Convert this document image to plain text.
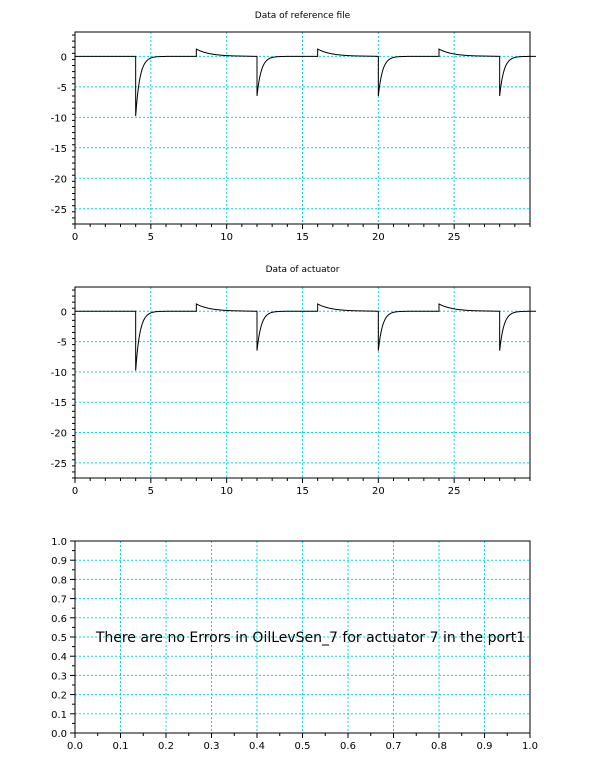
Data of reference file
0	5	10	15	20	25
0
-5
-10
-15
-20
-25
Data of actuator
0	5	10	15	20	25
0
-5
-10
-15
-20
-25
0.0	0.1	0.2	0.3	0.4	0.5	0.6	0.7	0.8	0.9	1.0
0.0
0.1
0.2
0.3
0.4
0.5
0.6
0.7
0.8
0.9
1.0
There are no Errors in OilLevSen_7 for actuator 7 in the port1
